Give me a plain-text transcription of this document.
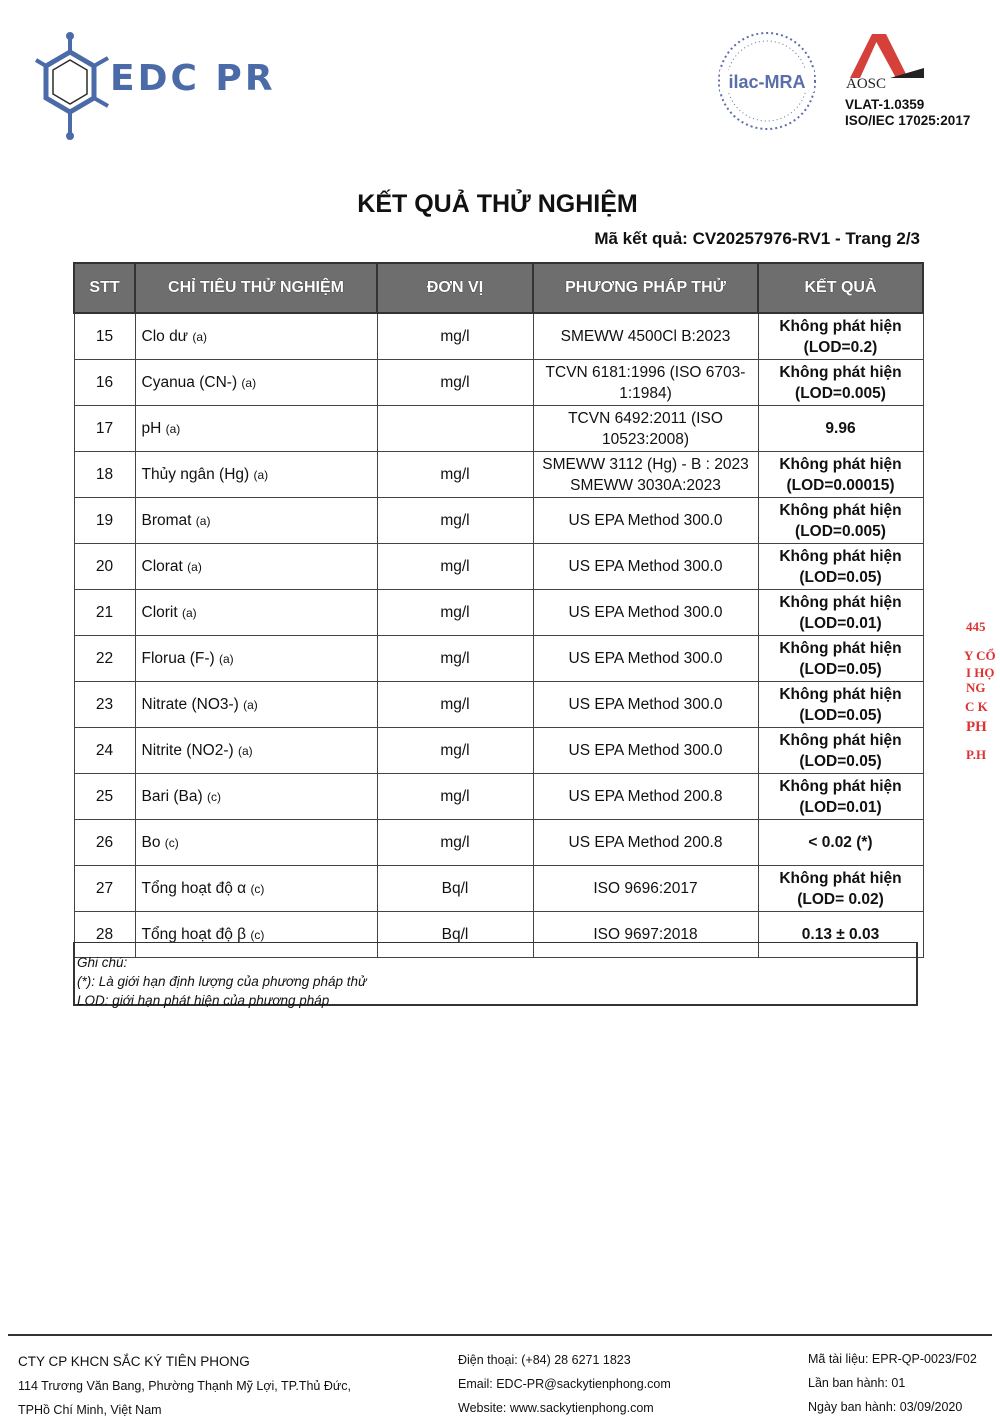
EDC PR	ilac-MRA	AOSC
VLAT-1.0359
ISO/IEC 17025:2017
KẾT QUẢ THỬ NGHIỆM
Mã kết quả: CV20257976-RV1 - Trang 2/3
STT	CHỈ TIÊU THỬ NGHIỆM	ĐƠN VỊ	PHƯƠNG PHÁP THỬ	KẾT QUẢ
15	Clo dư (a)	mg/l	SMEWW 4500Cl B:2023	Không phát hiện (LOD=0.2)
16	Cyanua (CN-) (a)	mg/l	TCVN 6181:1996 (ISO 6703-1:1984)	Không phát hiện (LOD=0.005)
17	pH (a)		TCVN 6492:2011 (ISO 10523:2008)	9.96
18	Thủy ngân (Hg) (a)	mg/l	SMEWW 3112 (Hg) - B : 2023 SMEWW 3030A:2023	Không phát hiện (LOD=0.00015)
19	Bromat (a)	mg/l	US EPA Method 300.0	Không phát hiện (LOD=0.005)
20	Clorat (a)	mg/l	US EPA Method 300.0	Không phát hiện (LOD=0.05)
21	Clorit (a)	mg/l	US EPA Method 300.0	Không phát hiện (LOD=0.01)
22	Florua (F-) (a)	mg/l	US EPA Method 300.0	Không phát hiện (LOD=0.05)
23	Nitrate (NO3-) (a)	mg/l	US EPA Method 300.0	Không phát hiện (LOD=0.05)
24	Nitrite (NO2-) (a)	mg/l	US EPA Method 300.0	Không phát hiện (LOD=0.05)
25	Bari (Ba) (c)	mg/l	US EPA Method 200.8	Không phát hiện (LOD=0.01)
26	Bo (c)	mg/l	US EPA Method 200.8	< 0.02 (*)
27	Tổng hoạt độ α (c)	Bq/l	ISO 9696:2017	Không phát hiện (LOD= 0.02)
28	Tổng hoạt độ β (c)	Bq/l	ISO 9697:2018	0.13 ± 0.03
Ghi chú:
(*): Là giới hạn định lượng của phương pháp thử
LOD: giới hạn phát hiện của phương pháp
445
Y CỔ
I HỌ
NG
C K
PH
P.H
CTY CP KHCN SẮC KÝ TIÊN PHONG
114 Trương Văn Bang, Phường Thạnh Mỹ Lợi, TP.Thủ Đức,
TPHồ Chí Minh, Việt Nam
Điện thoại: (+84) 28 6271 1823
Email: EDC-PR@sackytienphong.com
Website: www.sackytienphong.com
Mã tài liệu: EPR-QP-0023/F02
Lần ban hành: 01
Ngày ban hành: 03/09/2020
